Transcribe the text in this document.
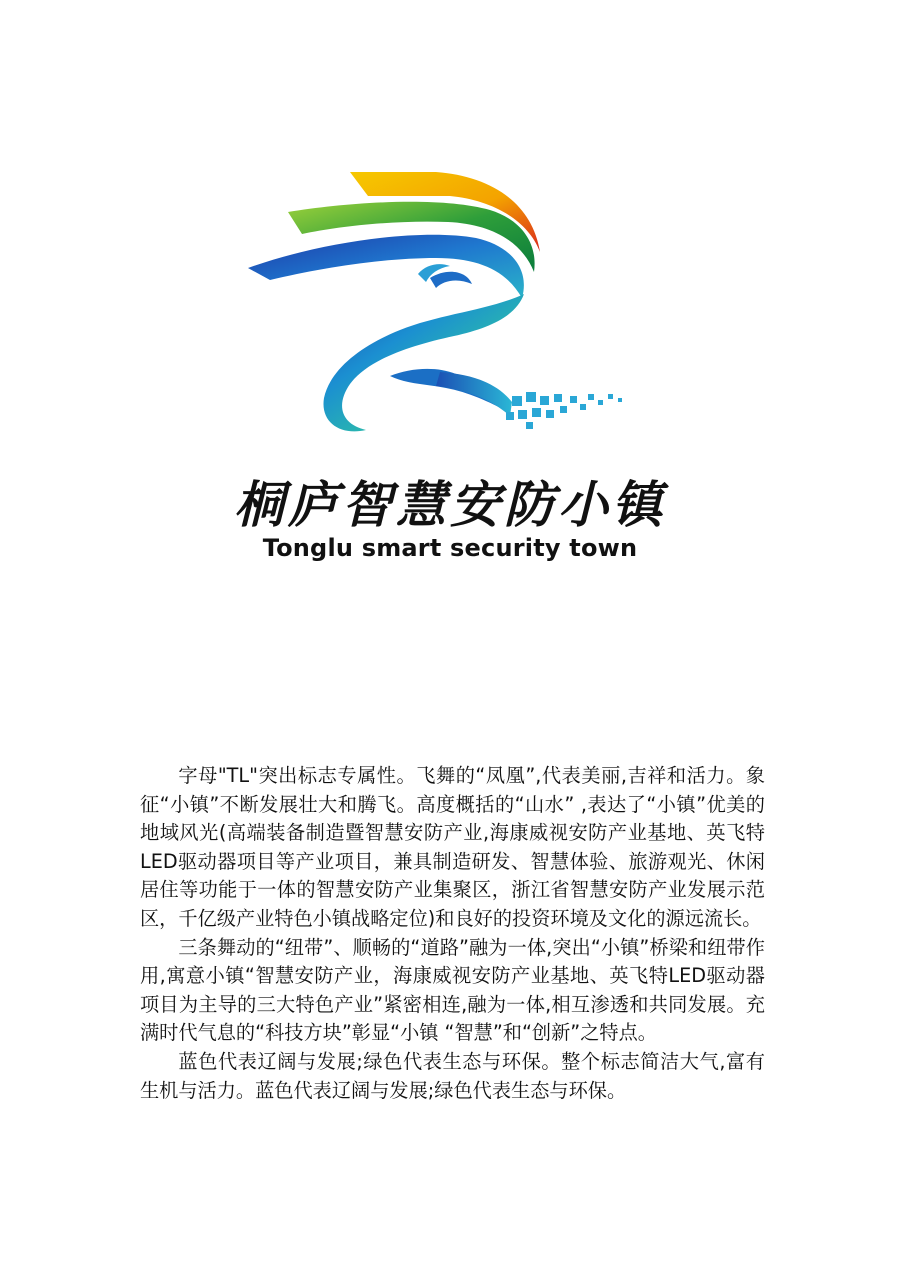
桐庐智慧安防小镇
Tonglu smart security town

字母"TL"突出标志专属性。飞舞的“凤凰”,代表美丽,吉祥和活力。象征“小镇”不断发展壮大和腾飞。高度概括的“山水” ,表达了“小镇”优美的地域风光(高端装备制造暨智慧安防产业,海康威视安防产业基地、英飞特LED驱动器项目等产业项目，兼具制造研发、智慧体验、旅游观光、休闲居住等功能于一体的智慧安防产业集聚区，浙江省智慧安防产业发展示范区，千亿级产业特色小镇战略定位)和良好的投资环境及文化的源远流长。

三条舞动的“纽带”、顺畅的“道路”融为一体,突出“小镇”桥梁和纽带作用,寓意小镇“智慧安防产业，海康威视安防产业基地、英飞特LED驱动器项目为主导的三大特色产业”紧密相连,融为一体,相互渗透和共同发展。充满时代气息的“科技方块”彰显“小镇 “智慧”和“创新”之特点。

蓝色代表辽阔与发展;绿色代表生态与环保。整个标志简洁大气,富有生机与活力。蓝色代表辽阔与发展;绿色代表生态与环保。
